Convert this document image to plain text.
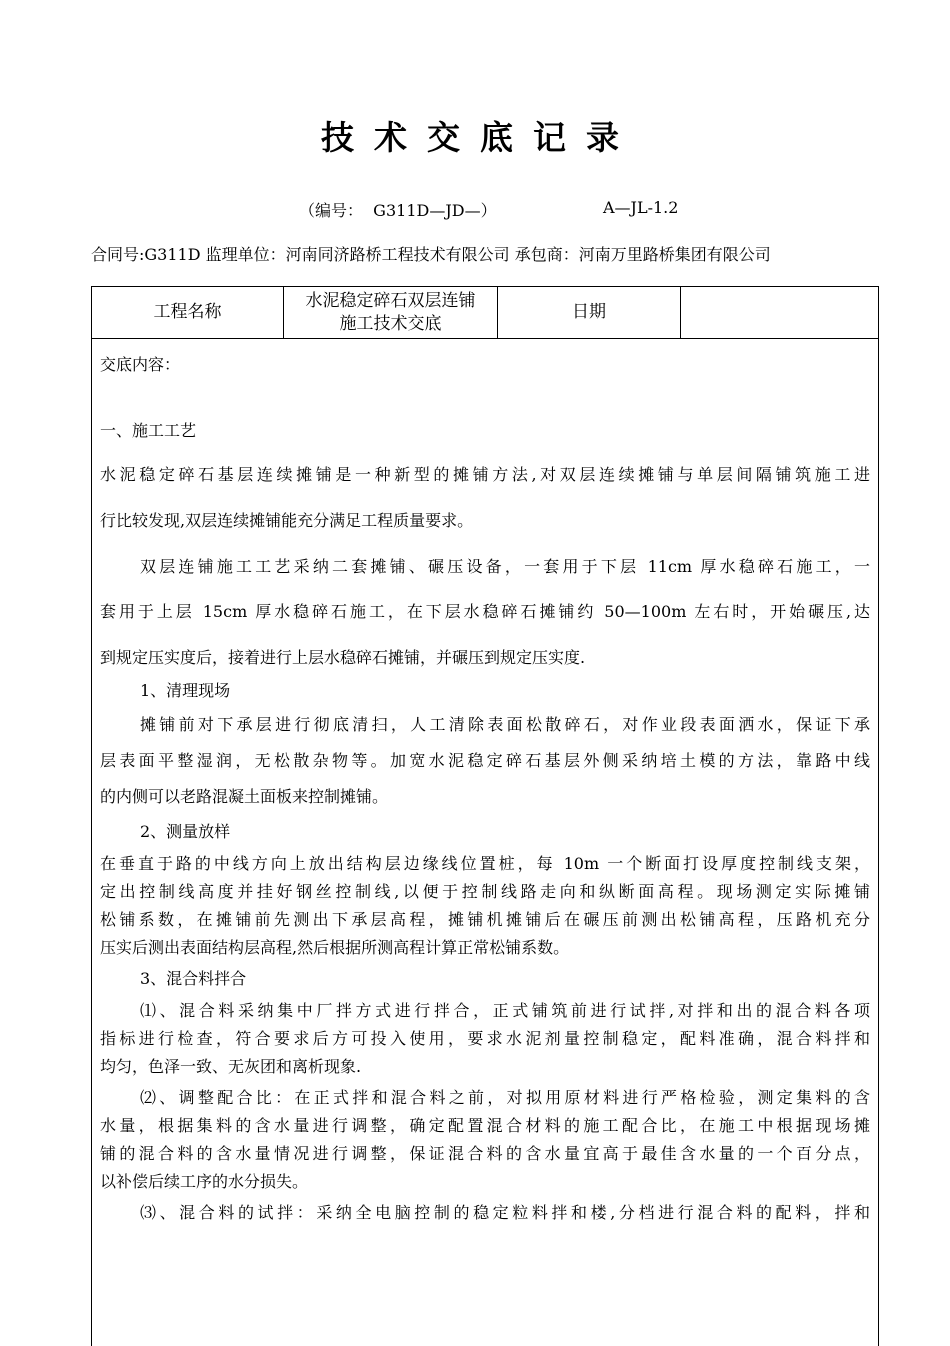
技术交底记录
（编号：  G311D—JD—）	A—JL-1.2
合同号:G311D 监理单位：河南同济路桥工程技术有限公司 承包商：河南万里路桥集团有限公司
工程名称
水泥稳定碎石双层连铺
施工技术交底
日期
交底内容：
一、施工工艺
水泥稳定碎石基层连续摊铺是一种新型的摊铺方法,对双层连续摊铺与单层间隔铺筑施工进
行比较发现,双层连续摊铺能充分满足工程质量要求。
双层连铺施工工艺采纳二套摊铺、碾压设备，一套用于下层 11cm 厚水稳碎石施工，一
套用于上层 15cm 厚水稳碎石施工，在下层水稳碎石摊铺约 50—100m 左右时，开始碾压,达
到规定压实度后，接着进行上层水稳碎石摊铺，并碾压到规定压实度.
1、清理现场
摊铺前对下承层进行彻底清扫，人工清除表面松散碎石，对作业段表面洒水，保证下承
层表面平整湿润，无松散杂物等。加宽水泥稳定碎石基层外侧采纳培土模的方法，靠路中线
的内侧可以老路混凝土面板来控制摊铺。
2、测量放样
在垂直于路的中线方向上放出结构层边缘线位置桩，每 10m 一个断面打设厚度控制线支架，
定出控制线高度并挂好钢丝控制线,以便于控制线路走向和纵断面高程。现场测定实际摊铺
松铺系数，在摊铺前先测出下承层高程，摊铺机摊铺后在碾压前测出松铺高程，压路机充分
压实后测出表面结构层高程,然后根据所测高程计算正常松铺系数。
3、混合料拌合
⑴、混合料采纳集中厂拌方式进行拌合，正式铺筑前进行试拌,对拌和出的混合料各项
指标进行检查，符合要求后方可投入使用，要求水泥剂量控制稳定，配料准确，混合料拌和
均匀，色泽一致、无灰团和离析现象.
⑵、调整配合比：在正式拌和混合料之前，对拟用原材料进行严格检验，测定集料的含
水量，根据集料的含水量进行调整，确定配置混合材料的施工配合比，在施工中根据现场摊
铺的混合料的含水量情况进行调整，保证混合料的含水量宜高于最佳含水量的一个百分点，
以补偿后续工序的水分损失。
⑶、混合料的试拌：采纳全电脑控制的稳定粒料拌和楼,分档进行混合料的配料，拌和
